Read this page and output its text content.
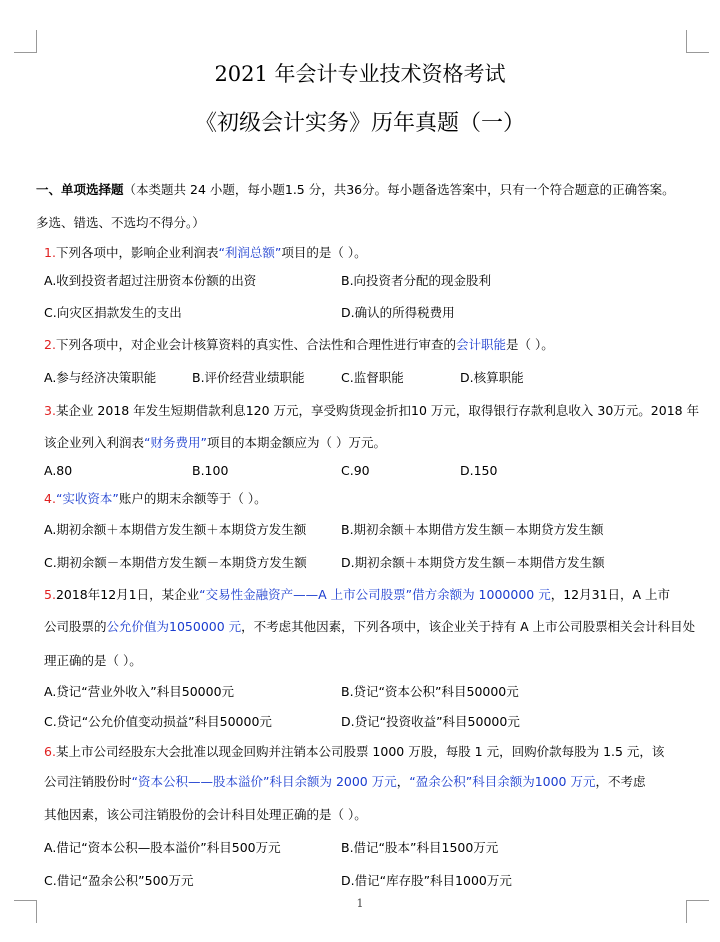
2021 年会计专业技术资格考试
《初级会计实务》历年真题（一）
一、单项选择题（本类题共 24 小题，每小题1.5 分，共36分。每小题备选答案中，只有一个符合题意的正确答案。
多选、错选、不选均不得分。）
1.下列各项中，影响企业利润表“利润总额”项目的是（ ）。
A.收到投资者超过注册资本份额的出资	B.向投资者分配的现金股利
C.向灾区捐款发生的支出	D.确认的所得税费用
2.下列各项中，对企业会计核算资料的真实性、合法性和合理性进行审查的会计职能是（ ）。
A.参与经济决策职能	B.评价经营业绩职能	C.监督职能	D.核算职能
3.某企业 2018 年发生短期借款利息120 万元，享受购货现金折扣10 万元，取得银行存款利息收入 30万元。2018 年
该企业列入利润表“财务费用”项目的本期金额应为（ ）万元。
A.80	B.100	C.90	D.150
4.“实收资本”账户的期末余额等于（ ）。
A.期初余额＋本期借方发生额＋本期贷方发生额	B.期初余额＋本期借方发生额－本期贷方发生额
C.期初余额－本期借方发生额－本期贷方发生额	D.期初余额＋本期贷方发生额－本期借方发生额
5.2018年12月1日，某企业“交易性金融资产——A 上市公司股票”借方余额为 1000000 元，12月31日，A 上市
公司股票的公允价值为1050000 元，不考虑其他因素，下列各项中，该企业关于持有 A 上市公司股票相关会计科目处
理正确的是（ ）。
A.贷记“营业外收入”科目50000元	B.贷记“资本公积”科目50000元
C.贷记“公允价值变动损益”科目50000元	D.贷记“投资收益”科目50000元
6.某上市公司经股东大会批准以现金回购并注销本公司股票 1000 万股，每股 1 元，回购价款每股为 1.5 元，该
公司注销股份时“资本公积——股本溢价”科目余额为 2000 万元，“盈余公积”科目余额为1000 万元，不考虑
其他因素，该公司注销股份的会计科目处理正确的是（ ）。
A.借记“资本公积—股本溢价”科目500万元	B.借记“股本”科目1500万元
C.借记“盈余公积”500万元	D.借记“库存股”科目1000万元
1
